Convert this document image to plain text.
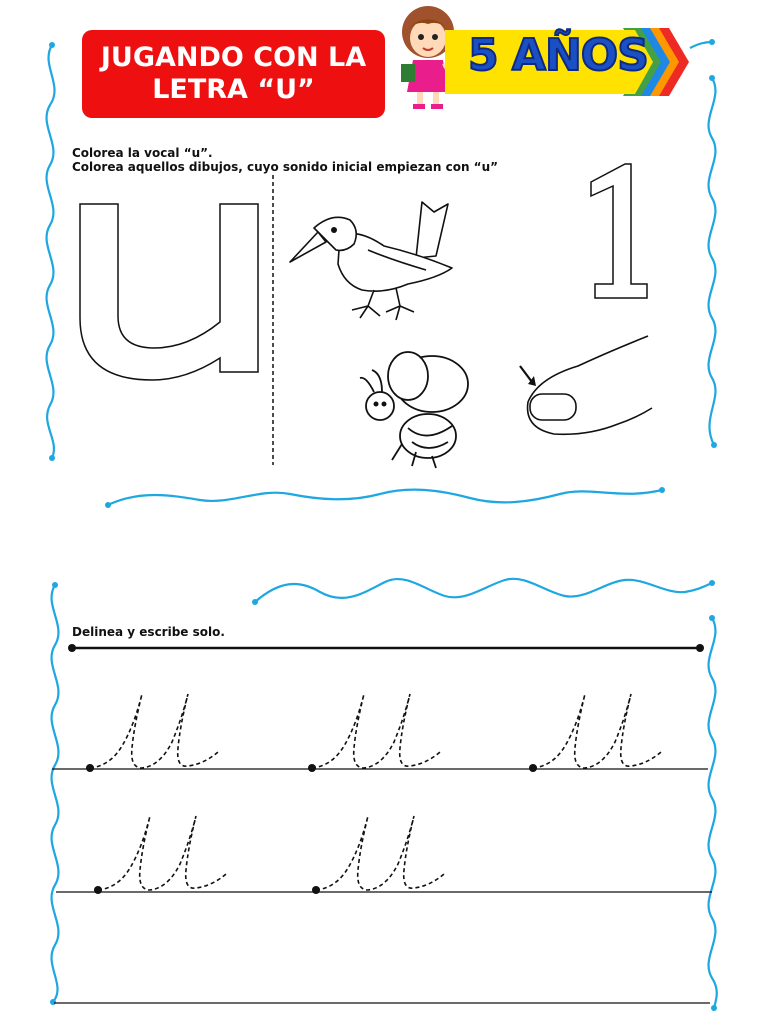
JUGANDO CON LA
LETRA “U”
5 AÑOS
Colorea la vocal “u”.
Colorea aquellos dibujos, cuyo sonido inicial empiezan con “u”
Delinea y escribe solo.
